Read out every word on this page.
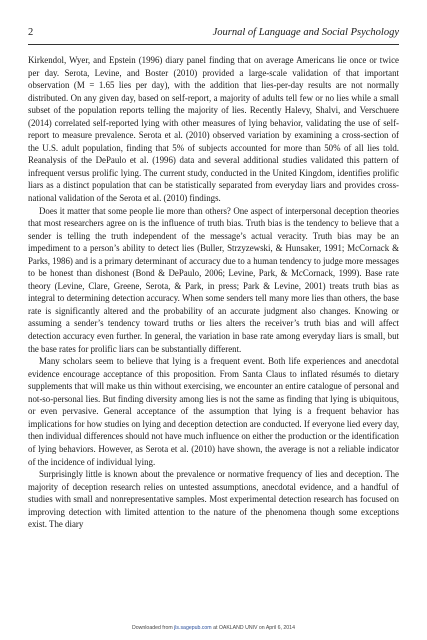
2	Journal of Language and Social Psychology

Kirkendol, Wyer, and Epstein (1996) diary panel finding that on average Americans lie once or twice per day. Serota, Levine, and Boster (2010) provided a large-scale validation of that important observation (M = 1.65 lies per day), with the addition that lies-per-day results are not normally distributed. On any given day, based on self-report, a majority of adults tell few or no lies while a small subset of the population reports telling the majority of lies. Recently Halevy, Shalvi, and Verschuere (2014) correlated self-reported lying with other measures of lying behavior, validating the use of self-report to measure prevalence. Serota et al. (2010) observed variation by examining a cross-section of the U.S. adult population, finding that 5% of subjects accounted for more than 50% of all lies told. Reanalysis of the DePaulo et al. (1996) data and several additional studies validated this pattern of infrequent versus prolific lying. The current study, conducted in the United Kingdom, identifies prolific liars as a distinct population that can be statistically separated from everyday liars and provides cross-national validation of the Serota et al. (2010) findings.

Does it matter that some people lie more than others? One aspect of interpersonal deception theories that most researchers agree on is the influence of truth bias. Truth bias is the tendency to believe that a sender is telling the truth independent of the message’s actual veracity. Truth bias may be an impediment to a person’s ability to detect lies (Buller, Strzyzewski, & Hunsaker, 1991; McCornack & Parks, 1986) and is a primary determinant of accuracy due to a human tendency to judge more messages to be honest than dishonest (Bond & DePaulo, 2006; Levine, Park, & McCornack, 1999). Base rate theory (Levine, Clare, Greene, Serota, & Park, in press; Park & Levine, 2001) treats truth bias as integral to determining detection accuracy. When some senders tell many more lies than others, the base rate is significantly altered and the probability of an accurate judgment also changes. Knowing or assuming a sender’s tendency toward truths or lies alters the receiver’s truth bias and will affect detection accuracy even further. In general, the variation in base rate among everyday liars is small, but the base rates for prolific liars can be substantially different.

Many scholars seem to believe that lying is a frequent event. Both life experiences and anecdotal evidence encourage acceptance of this proposition. From Santa Claus to inflated résumés to dietary supplements that will make us thin without exercising, we encounter an entire catalogue of personal and not-so-personal lies. But finding diversity among lies is not the same as finding that lying is ubiquitous, or even pervasive. General acceptance of the assumption that lying is a frequent behavior has implications for how studies on lying and deception detection are conducted. If everyone lied every day, then individual differences should not have much influence on either the production or the identification of lying behaviors. However, as Serota et al. (2010) have shown, the average is not a reliable indicator of the incidence of individual lying.

Surprisingly little is known about the prevalence or normative frequency of lies and deception. The majority of deception research relies on untested assumptions, anecdotal evidence, and a handful of studies with small and nonrepresentative samples. Most experimental detection research has focused on improving detection with limited attention to the nature of the phenomena though some exceptions exist. The diary

Downloaded from jls.sagepub.com at OAKLAND UNIV on April 6, 2014
